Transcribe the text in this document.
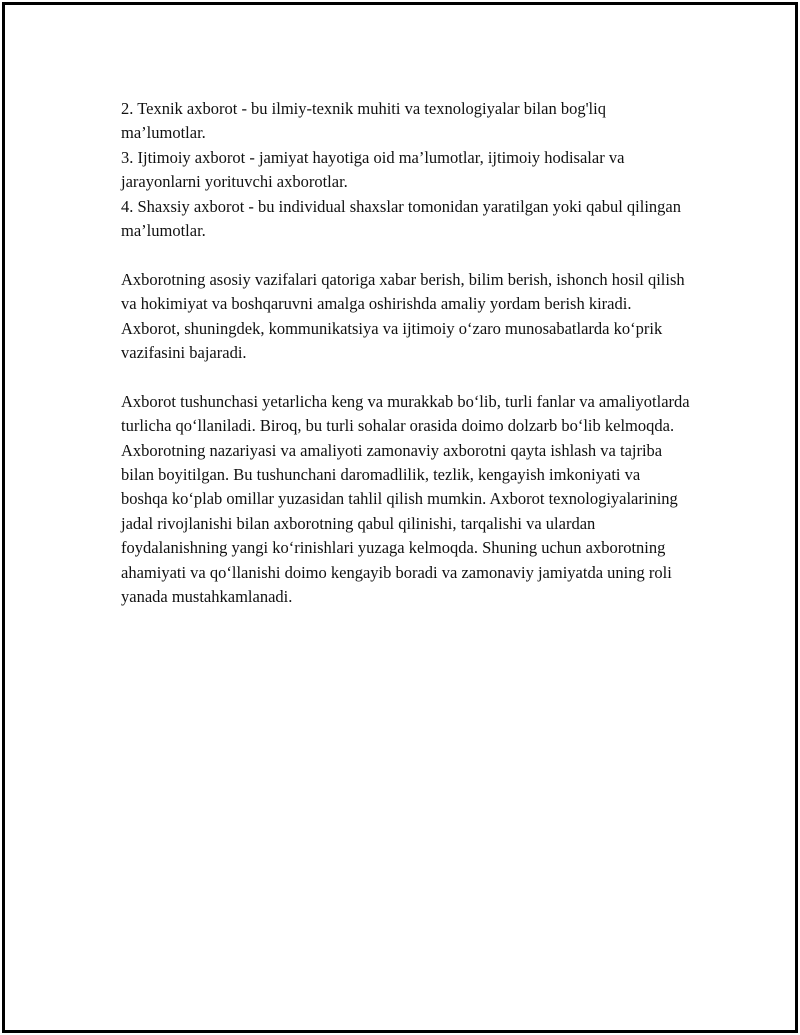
2. Texnik axborot - bu ilmiy-texnik muhiti va texnologiyalar bilan bog'liq ma’lumotlar.

3. Ijtimoiy axborot - jamiyat hayotiga oid ma’lumotlar, ijtimoiy hodisalar va jarayonlarni yorituvchi axborotlar.

4. Shaxsiy axborot - bu individual shaxslar tomonidan yaratilgan yoki qabul qilingan ma’lumotlar.

Axborotning asosiy vazifalari qatoriga xabar berish, bilim berish, ishonch hosil qilish va hokimiyat va boshqaruvni amalga oshirishda amaliy yordam berish kiradi. Axborot, shuningdek, kommunikatsiya va ijtimoiy o‘zaro munosabatlarda ko‘prik vazifasini bajaradi.

Axborot tushunchasi yetarlicha keng va murakkab bo‘lib, turli fanlar va amaliyotlarda turlicha qo‘llaniladi. Biroq, bu turli sohalar orasida doimo dolzarb bo‘lib kelmoqda. Axborotning nazariyasi va amaliyoti zamonaviy axborotni qayta ishlash va tajriba bilan boyitilgan. Bu tushunchani daromadlilik, tezlik, kengayish imkoniyati va boshqa ko‘plab omillar yuzasidan tahlil qilish mumkin. Axborot texnologiyalarining jadal rivojlanishi bilan axborotning qabul qilinishi, tarqalishi va ulardan foydalanishning yangi ko‘rinishlari yuzaga kelmoqda. Shuning uchun axborotning ahamiyati va qo‘llanishi doimo kengayib boradi va zamonaviy jamiyatda uning roli yanada mustahkamlanadi.
